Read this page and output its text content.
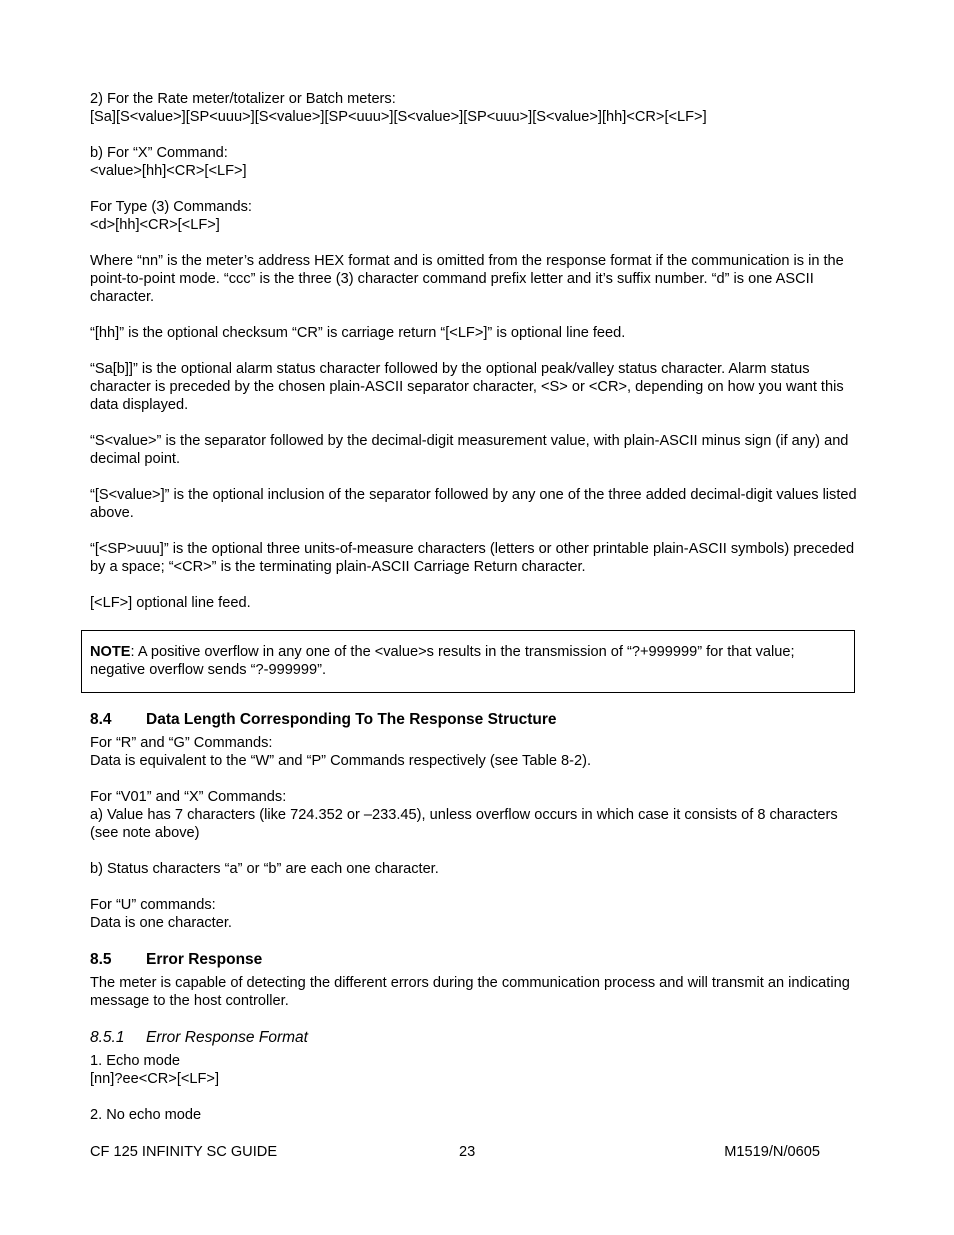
2) For the Rate meter/totalizer or Batch meters:
[Sa][S<value>][SP<uuu>][S<value>][SP<uuu>][S<value>][SP<uuu>][S<value>][hh]<CR>[<LF>]
b) For “X” Command:
<value>[hh]<CR>[<LF>]
For Type (3) Commands:
<d>[hh]<CR>[<LF>]

Where “nn” is the meter’s address HEX format and is omitted from the response format if the communication is in the point-to-point mode. “ccc” is the three (3) character command prefix letter and it’s suffix number. “d” is one ASCII character.

“[hh]” is the optional checksum “CR” is carriage return “[<LF>]” is optional line feed.

“Sa[b]]” is the optional alarm status character followed by the optional peak/valley status character. Alarm status character is preceded by the chosen plain-ASCII separator character, <S> or <CR>, depending on how you want this data displayed.

“S<value>” is the separator followed by the decimal-digit measurement value, with plain-ASCII minus sign (if any) and decimal point.

“[S<value>]” is the optional inclusion of the separator followed by any one of the three added decimal-digit values listed above.

“[<SP>uuu]” is the optional three units-of-measure characters (letters or other printable plain-ASCII symbols) preceded by a space; “<CR>” is the terminating plain-ASCII Carriage Return character.

[<LF>] optional line feed.

NOTE: A positive overflow in any one of the <value>s results in the transmission of “?+999999” for that value; negative overflow sends “?-999999”.
8.4 Data Length Corresponding To The Response Structure
For “R” and “G” Commands:
Data is equivalent to the “W” and “P” Commands respectively (see Table 8-2).
For “V01” and “X” Commands:
a) Value has 7 characters (like 724.352 or –233.45), unless overflow occurs in which case it consists of 8 characters (see note above)

b) Status characters “a” or “b” are each one character.

For “U” commands:
Data is one character.
8.5 Error Response

The meter is capable of detecting the different errors during the communication process and will transmit an indicating message to the host controller.

8.5.1 Error Response Format
1. Echo mode
[nn]?ee<CR>[<LF>]
2. No echo mode
CF 125 INFINITY SC GUIDE	23	M1519/N/0605
